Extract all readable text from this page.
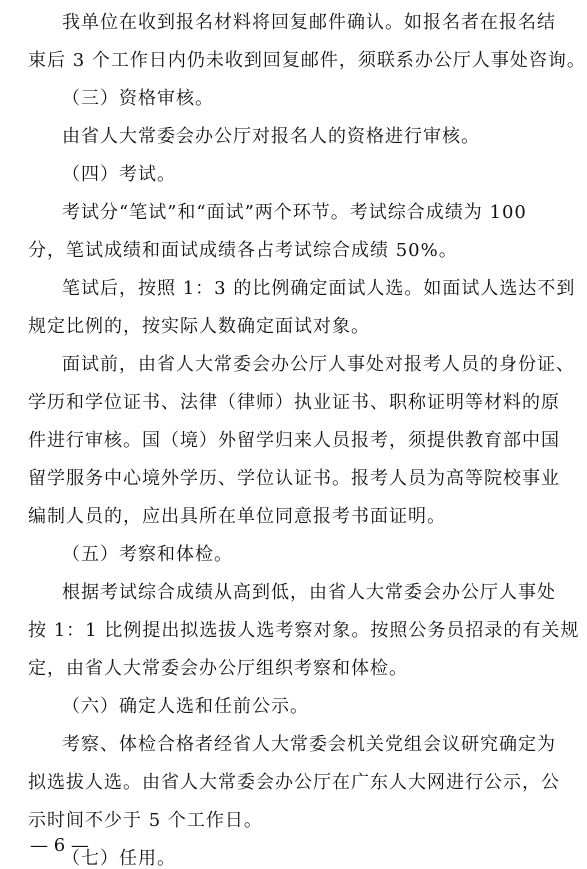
我单位在收到报名材料将回复邮件确认。如报名者在报名结
束后 3 个工作日内仍未收到回复邮件，须联系办公厅人事处咨询。
（三）资格审核。
由省人大常委会办公厅对报名人的资格进行审核。
（四）考试。
考试分“笔试”和“面试”两个环节。考试综合成绩为 100
分，笔试成绩和面试成绩各占考试综合成绩 50%。
笔试后，按照 1：3 的比例确定面试人选。如面试人选达不到
规定比例的，按实际人数确定面试对象。
面试前，由省人大常委会办公厅人事处对报考人员的身份证、
学历和学位证书、法律（律师）执业证书、职称证明等材料的原
件进行审核。国（境）外留学归来人员报考，须提供教育部中国
留学服务中心境外学历、学位认证书。报考人员为高等院校事业
编制人员的，应出具所在单位同意报考书面证明。
（五）考察和体检。
根据考试综合成绩从高到低，由省人大常委会办公厅人事处
按 1：1 比例提出拟选拔人选考察对象。按照公务员招录的有关规
定，由省人大常委会办公厅组织考察和体检。
（六）确定人选和任前公示。
考察、体检合格者经省人大常委会机关党组会议研究确定为
拟选拔人选。由省人大常委会办公厅在广东人大网进行公示，公
示时间不少于 5 个工作日。
（七）任用。
— 6 —
